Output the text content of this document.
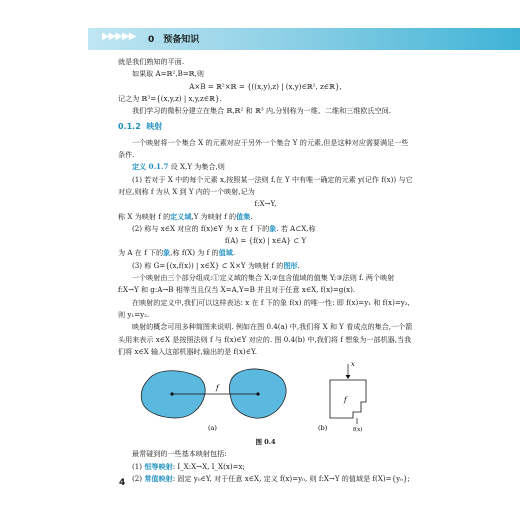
▶▶▶▶▶ 0　预备知识

就是我们熟知的平面.

如果取 A=ℝ²,B=ℝ,则

A×B = ℝ²×ℝ = {((x,y),z) | (x,y)∈ℝ², z∈ℝ},

记之为 ℝ³={(x,y,z) | x,y,z∈ℝ}.

我们学习的微积分建立在集合 ℝ,ℝ² 和 ℝ³ 内,分别称为一维、二维和三维欧氏空间.

0.1.2 映射

一个映射将一个集合 X 的元素对应于另外一个集合 Y 的元素,但是这种对应需要满足一些条件.

定义 0.1.7 设 X,Y 为集合,则

(1) 若对于 X 中的每个元素 x,按照某一法则 f,在 Y 中有唯一确定的元素 y(记作 f(x)) 与它对应,则称 f 为从 X 到 Y 内的一个映射,记为

f:X→Y,

称 X 为映射 f 的定义域,Y 为映射 f 的值集.

(2) 称与 x∈X 对应的 f(x)∈Y 为 x 在 f 下的象. 若 A⊂X,称

f(A) = {f(x) | x∈A} ⊂ Y

为 A 在 f 下的象,称 f(X) 为 f 的值域.

(3) 称 G={(x,f(x)) | x∈X} ⊂ X×Y 为映射 f 的图形.

一个映射由三个部分组成:①定义域的集合 X;②包含值域的值集 Y;③法则 f. 两个映射 f:X→Y 和 g:A→B 相等当且仅当 X=A,Y=B 并且对于任意 x∈X, f(x)=g(x).

在映射的定义中,我们可以这样表达: x 在 f 下的象 f(x) 的唯一性: 即 f(x)=y₁ 和 f(x)=y₂,则 y₁=y₂.

映射的概念可用多种简图来说明. 例如在图 0.4(a) 中,我们将 X 和 Y 看成点的集合,一个箭头用来表示 x∈X 是按照法则 f 与 f(x)∈Y 对应的. 图 0.4(b) 中,我们将 f 想象为一部机器,当我们将 x∈X 输入这部机器时,输出的是 f(x)∈Y.

f
(a)
x
f
f(x)
(b)

图 0.4

最常碰到的一些基本映射包括:

(1) 恒等映射: I_X:X→X, I_X(x)=x;

(2) 常值映射: 固定 y₀∈Y, 对于任意 x∈X, 定义 f(x)=y₀, 则 f:X→Y 的值域是 f(X)={y₀};

4
